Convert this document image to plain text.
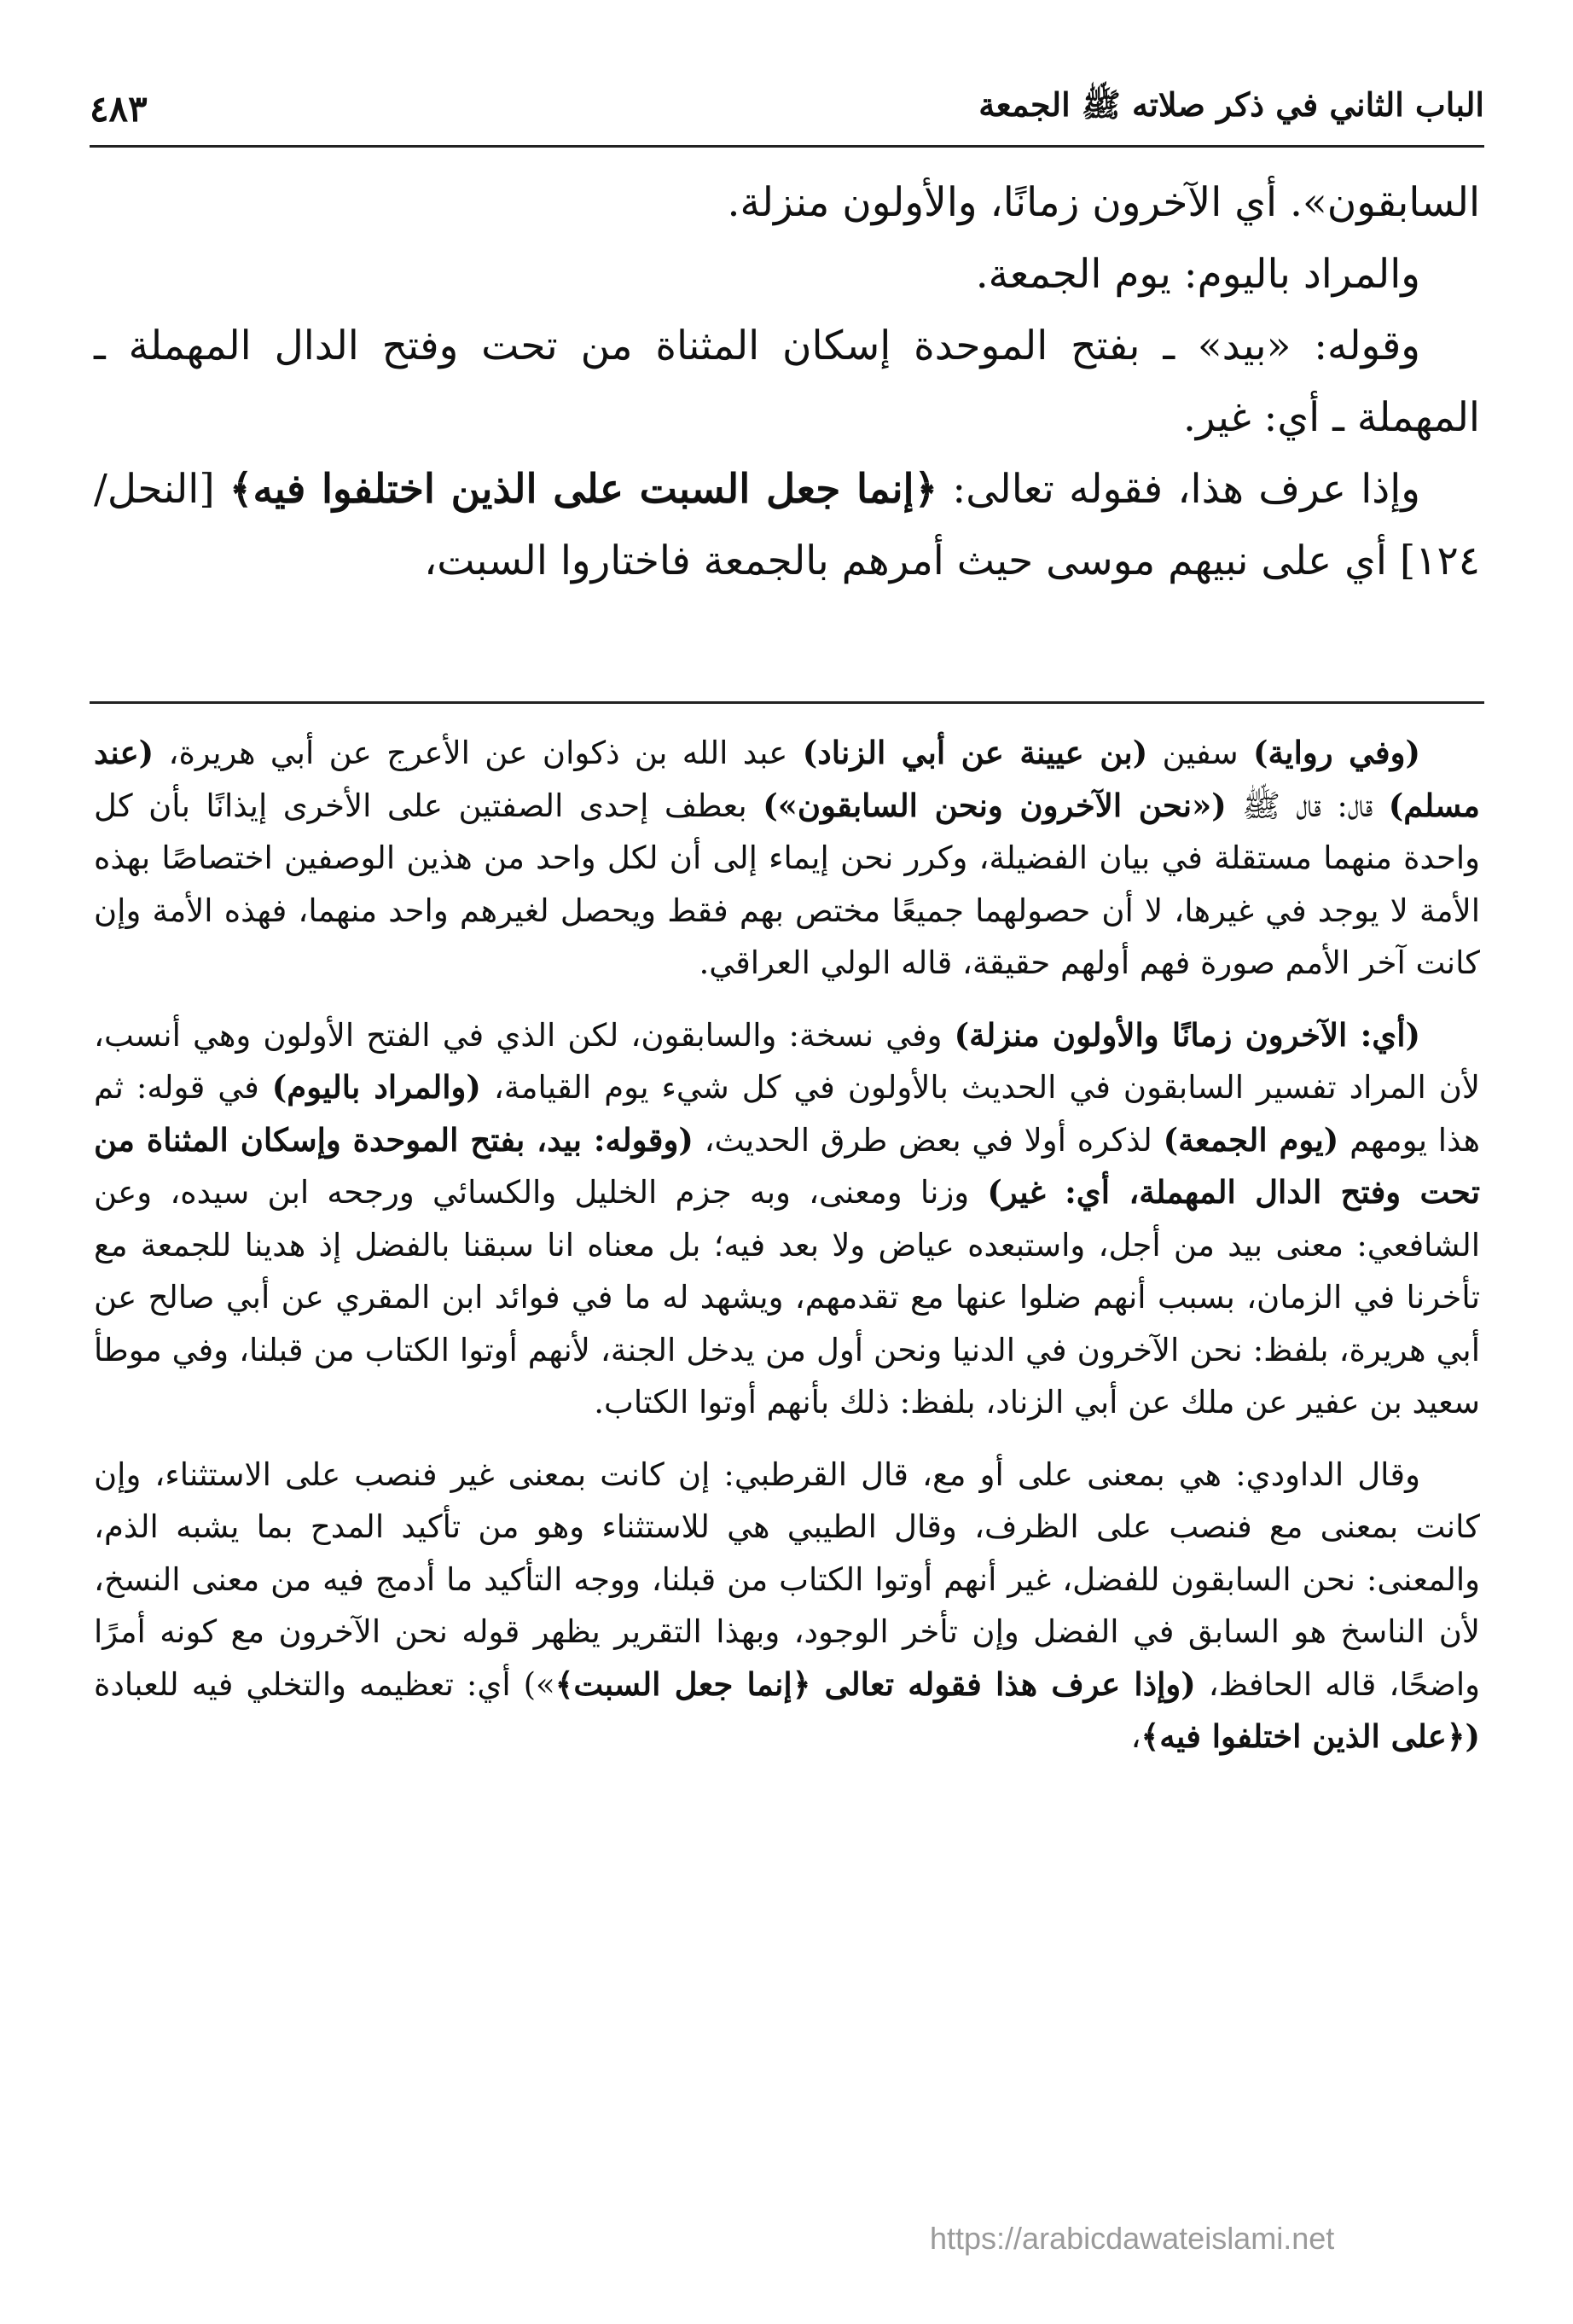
الباب الثاني في ذكر صلاته ﷺ الجمعة
٤٨٣

السابقون». أي الآخرون زمانًا، والأولون منزلة.

والمراد باليوم: يوم الجمعة.

وقوله: «بيد» ـ بفتح الموحدة إسكان المثناة من تحت وفتح الدال المهملة ـ المهملة ـ أي: غير.

وإذا عرف هذا، فقوله تعالى: ﴿إنما جعل السبت على الذين اختلفوا فيه﴾ [النحل/١٢٤] أي على نبيهم موسى حيث أمرهم بالجمعة فاختاروا السبت،

(وفي رواية) سفين (بن عيينة عن أبي الزناد) عبد الله بن ذكوان عن الأعرج عن أبي هريرة، (عند مسلم) قال: قال ﷺ («نحن الآخرون ونحن السابقون») بعطف إحدى الصفتين على الأخرى إيذانًا بأن كل واحدة منهما مستقلة في بيان الفضيلة، وكرر نحن إيماء إلى أن لكل واحد من هذين الوصفين اختصاصًا بهذه الأمة لا يوجد في غيرها، لا أن حصولهما جميعًا مختص بهم فقط ويحصل لغيرهم واحد منهما، فهذه الأمة وإن كانت آخر الأمم صورة فهم أولهم حقيقة، قاله الولي العراقي.

(أي: الآخرون زمانًا والأولون منزلة) وفي نسخة: والسابقون، لكن الذي في الفتح الأولون وهي أنسب، لأن المراد تفسير السابقون في الحديث بالأولون في كل شيء يوم القيامة، (والمراد باليوم) في قوله: ثم هذا يومهم (يوم الجمعة) لذكره أولا في بعض طرق الحديث، (وقوله: بيد، بفتح الموحدة وإسكان المثناة من تحت وفتح الدال المهملة، أي: غير) وزنا ومعنى، وبه جزم الخليل والكسائي ورجحه ابن سيده، وعن الشافعي: معنى بيد من أجل، واستبعده عياض ولا بعد فيه؛ بل معناه انا سبقنا بالفضل إذ هدينا للجمعة مع تأخرنا في الزمان، بسبب أنهم ضلوا عنها مع تقدمهم، ويشهد له ما في فوائد ابن المقري عن أبي صالح عن أبي هريرة، بلفظ: نحن الآخرون في الدنيا ونحن أول من يدخل الجنة، لأنهم أوتوا الكتاب من قبلنا، وفي موطأ سعيد بن عفير عن ملك عن أبي الزناد، بلفظ: ذلك بأنهم أوتوا الكتاب.

وقال الداودي: هي بمعنى على أو مع، قال القرطبي: إن كانت بمعنى غير فنصب على الاستثناء، وإن كانت بمعنى مع فنصب على الظرف، وقال الطيبي هي للاستثناء وهو من تأكيد المدح بما يشبه الذم، والمعنى: نحن السابقون للفضل، غير أنهم أوتوا الكتاب من قبلنا، ووجه التأكيد ما أدمج فيه من معنى النسخ، لأن الناسخ هو السابق في الفضل وإن تأخر الوجود، وبهذا التقرير يظهر قوله نحن الآخرون مع كونه أمرًا واضحًا، قاله الحافظ، (وإذا عرف هذا فقوله تعالى ﴿إنما جعل السبت﴾») أي: تعظيمه والتخلي فيه للعبادة (﴿على الذين اختلفوا فيه﴾،

https://arabicdawateislami.net
